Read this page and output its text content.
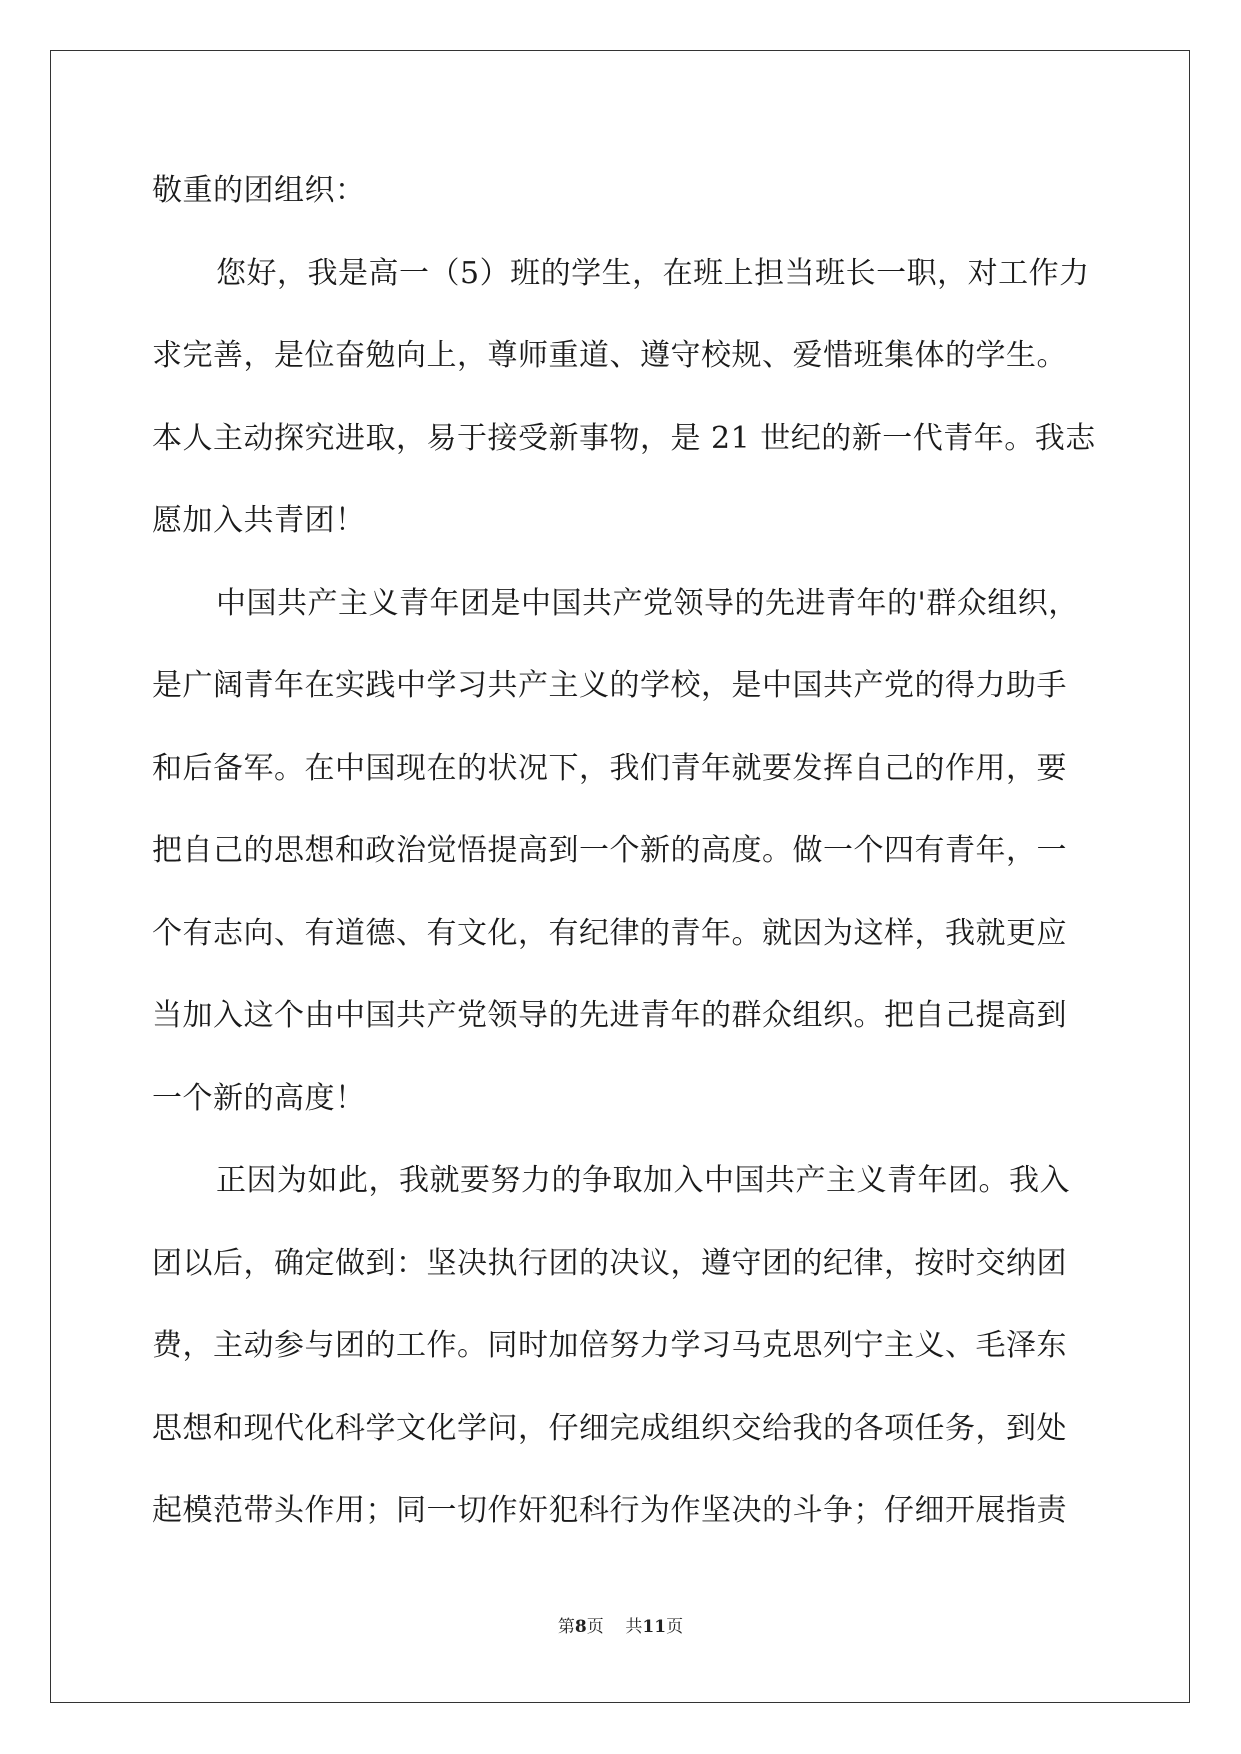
敬重的团组织：
您好，我是高一（5）班的学生，在班上担当班长一职，对工作力
求完善，是位奋勉向上，尊师重道、遵守校规、爱惜班集体的学生。
本人主动探究进取，易于接受新事物，是 21 世纪的新一代青年。我志
愿加入共青团！
中国共产主义青年团是中国共产党领导的先进青年的'群众组织，
是广阔青年在实践中学习共产主义的学校，是中国共产党的得力助手
和后备军。在中国现在的状况下，我们青年就要发挥自己的作用，要
把自己的思想和政治觉悟提高到一个新的高度。做一个四有青年，一
个有志向、有道德、有文化，有纪律的青年。就因为这样，我就更应
当加入这个由中国共产党领导的先进青年的群众组织。把自己提高到
一个新的高度！
正因为如此，我就要努力的争取加入中国共产主义青年团。我入
团以后，确定做到：坚决执行团的决议，遵守团的纪律，按时交纳团
费，主动参与团的工作。同时加倍努力学习马克思列宁主义、毛泽东
思想和现代化科学文化学问，仔细完成组织交给我的各项任务，到处
起模范带头作用；同一切作奸犯科行为作坚决的斗争；仔细开展指责
第8页 共11页
